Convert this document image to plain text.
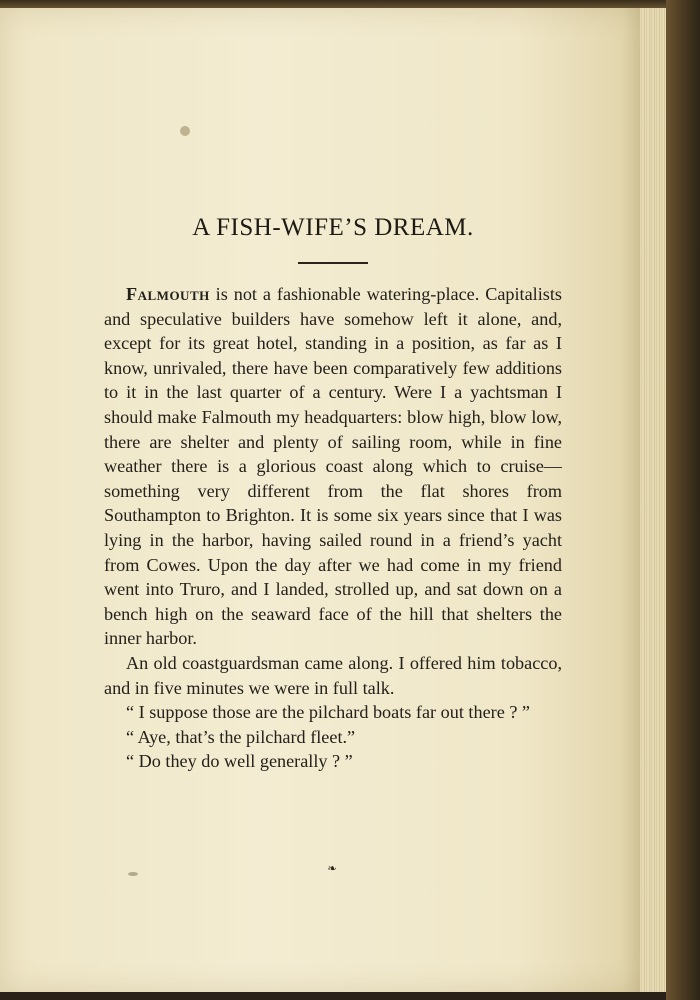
A FISH-WIFE’S DREAM.

Falmouth is not a fashionable watering-place. Capitalists and speculative builders have somehow left it alone, and, except for its great hotel, standing in a position, as far as I know, unrivaled, there have been comparatively few additions to it in the last quarter of a century. Were I a yachtsman I should make Falmouth my headquarters: blow high, blow low, there are shelter and plenty of sailing room, while in fine weather there is a glorious coast along which to cruise—something very different from the flat shores from Southampton to Brighton. It is some six years since that I was lying in the harbor, having sailed round in a friend’s yacht from Cowes. Upon the day after we had come in my friend went into Truro, and I landed, strolled up, and sat down on a bench high on the seaward face of the hill that shelters the inner harbor.

An old coastguardsman came along. I offered him tobacco, and in five minutes we were in full talk.

“ I suppose those are the pilchard boats far out there ? ”

“ Aye, that’s the pilchard fleet.”

“ Do they do well generally ? ”

❧
